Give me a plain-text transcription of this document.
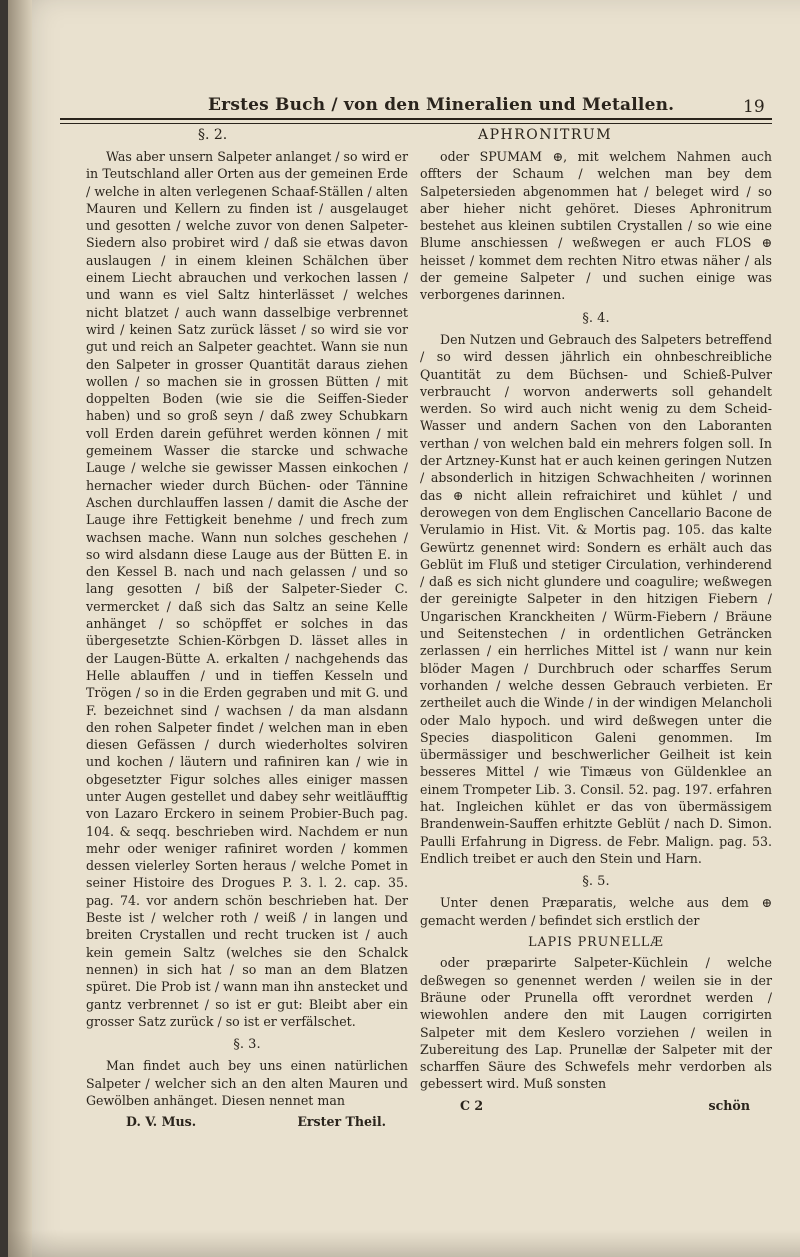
Erstes Buch / von den Mineralien und Metallen.	19
§. 2.	APHRONITRUM

Was aber unsern Salpeter anlanget / so wird er in Teutschland aller Orten aus der gemeinen Erde / welche in alten verlegenen Schaaf-Ställen / alten Mauren und Kellern zu finden ist / ausgelauget und gesotten / welche zuvor von denen Salpeter-Siedern also probiret wird / daß sie etwas davon auslaugen / in einem kleinen Schälchen über einem Liecht abrauchen und verkochen lassen / und wann es viel Saltz hinterlässet / welches nicht blatzet / auch wann dasselbige verbrennet wird / keinen Satz zurück lässet / so wird sie vor gut und reich an Salpeter geachtet. Wann sie nun den Salpeter in grosser Quantität daraus ziehen wollen / so machen sie in grossen Bütten / mit doppelten Boden (wie sie die Seiffen-Sieder haben) und so groß seyn / daß zwey Schubkarn voll Erden darein geführet werden können / mit gemeinem Wasser die starcke und schwache Lauge / welche sie gewisser Massen einkochen / hernacher wieder durch Büchen- oder Tännine Aschen durchlauffen lassen / damit die Asche der Lauge ihre Fettigkeit benehme / und frech zum wachsen mache. Wann nun solches geschehen / so wird alsdann diese Lauge aus der Bütten E. in den Kessel B. nach und nach gelassen / und so lang gesotten / biß der Salpeter-Sieder C. vermercket / daß sich das Saltz an seine Kelle anhänget / so schöpffet er solches in das übergesetzte Schien-Körbgen D. lässet alles in der Laugen-Bütte A. erkalten / nachgehends das Helle ablauffen / und in tieffen Kesseln und Trögen / so in die Erden gegraben und mit G. und F. bezeichnet sind / wachsen / da man alsdann den rohen Salpeter findet / welchen man in eben diesen Gefässen / durch wiederholtes solviren und kochen / läutern und rafiniren kan / wie in obgesetzter Figur solches alles einiger massen unter Augen gestellet und dabey sehr weitläufftig von Lazaro Erckero in seinem Probier-Buch pag. 104. & seqq. beschrieben wird. Nachdem er nun mehr oder weniger rafiniret worden / kommen dessen vielerley Sorten heraus / welche Pomet in seiner Histoire des Drogues P. 3. l. 2. cap. 35. pag. 74. vor andern schön beschrieben hat. Der Beste ist / welcher roth / weiß / in langen und breiten Crystallen und recht trucken ist / auch kein gemein Saltz (welches sie den Schalck nennen) in sich hat / so man an dem Blatzen spüret. Die Prob ist / wann man ihn anstecket und gantz verbrennet / so ist er gut: Bleibt aber ein grosser Satz zurück / so ist er verfälschet.

§. 3.

Man findet auch bey uns einen natürlichen Salpeter / welcher sich an den alten Mauren und Gewölben anhänget. Diesen nennet man

D. V. Mus.	Erster Theil.

oder SPUMAM ⊕, mit welchem Nahmen auch offters der Schaum / welchen man bey dem Salpetersieden abgenommen hat / beleget wird / so aber hieher nicht gehöret. Dieses Aphronitrum bestehet aus kleinen subtilen Crystallen / so wie eine Blume anschiessen / weßwegen er auch FLOS ⊕ heisset / kommet dem rechten Nitro etwas näher / als der gemeine Salpeter / und suchen einige was verborgenes darinnen.

§. 4.

Den Nutzen und Gebrauch des Salpeters betreffend / so wird dessen jährlich ein ohnbeschreibliche Quantität zu dem Büchsen- und Schieß-Pulver verbraucht / worvon anderwerts soll gehandelt werden. So wird auch nicht wenig zu dem Scheid-Wasser und andern Sachen von den Laboranten verthan / von welchen bald ein mehrers folgen soll. In der Artzney-Kunst hat er auch keinen geringen Nutzen / absonderlich in hitzigen Schwachheiten / worinnen das ⊕ nicht allein refraichiret und kühlet / und derowegen von dem Englischen Cancellario Bacone de Verulamio in Hist. Vit. & Mortis pag. 105. das kalte Gewürtz genennet wird: Sondern es erhält auch das Geblüt im Fluß und stetiger Circulation, verhinderend / daß es sich nicht glundere und coagulire; weßwegen der gereinigte Salpeter in den hitzigen Fiebern / Ungarischen Kranckheiten / Würm-Fiebern / Bräune und Seitenstechen / in ordentlichen Geträncken zerlassen / ein herrliches Mittel ist / wann nur kein blöder Magen / Durchbruch oder scharffes Serum vorhanden / welche dessen Gebrauch verbieten. Er zertheilet auch die Winde / in der windigen Melancholi oder Malo hypoch. und wird deßwegen unter die Species diaspoliticon Galeni genommen. Im übermässiger und beschwerlicher Geilheit ist kein besseres Mittel / wie Timæus von Güldenklee an einem Trompeter Lib. 3. Consil. 52. pag. 197. erfahren hat. Ingleichen kühlet er das von übermässigem Brandenwein-Sauffen erhitzte Geblüt / nach D. Simon. Paulli Erfahrung in Digress. de Febr. Malign. pag. 53. Endlich treibet er auch den Stein und Harn.

§. 5.

Unter denen Præparatis, welche aus dem ⊕ gemacht werden / befindet sich erstlich der

LAPIS PRUNELLÆ

oder præparirte Salpeter-Küchlein / welche deßwegen so genennet werden / weilen sie in der Bräune oder Prunella offt verordnet werden / wiewohlen andere den mit Laugen corrigirten Salpeter mit dem Keslero vorziehen / weilen in Zubereitung des Lap. Prunellæ der Salpeter mit der scharffen Säure des Schwefels mehr verdorben als gebessert wird. Muß sonsten

C 2	schön
